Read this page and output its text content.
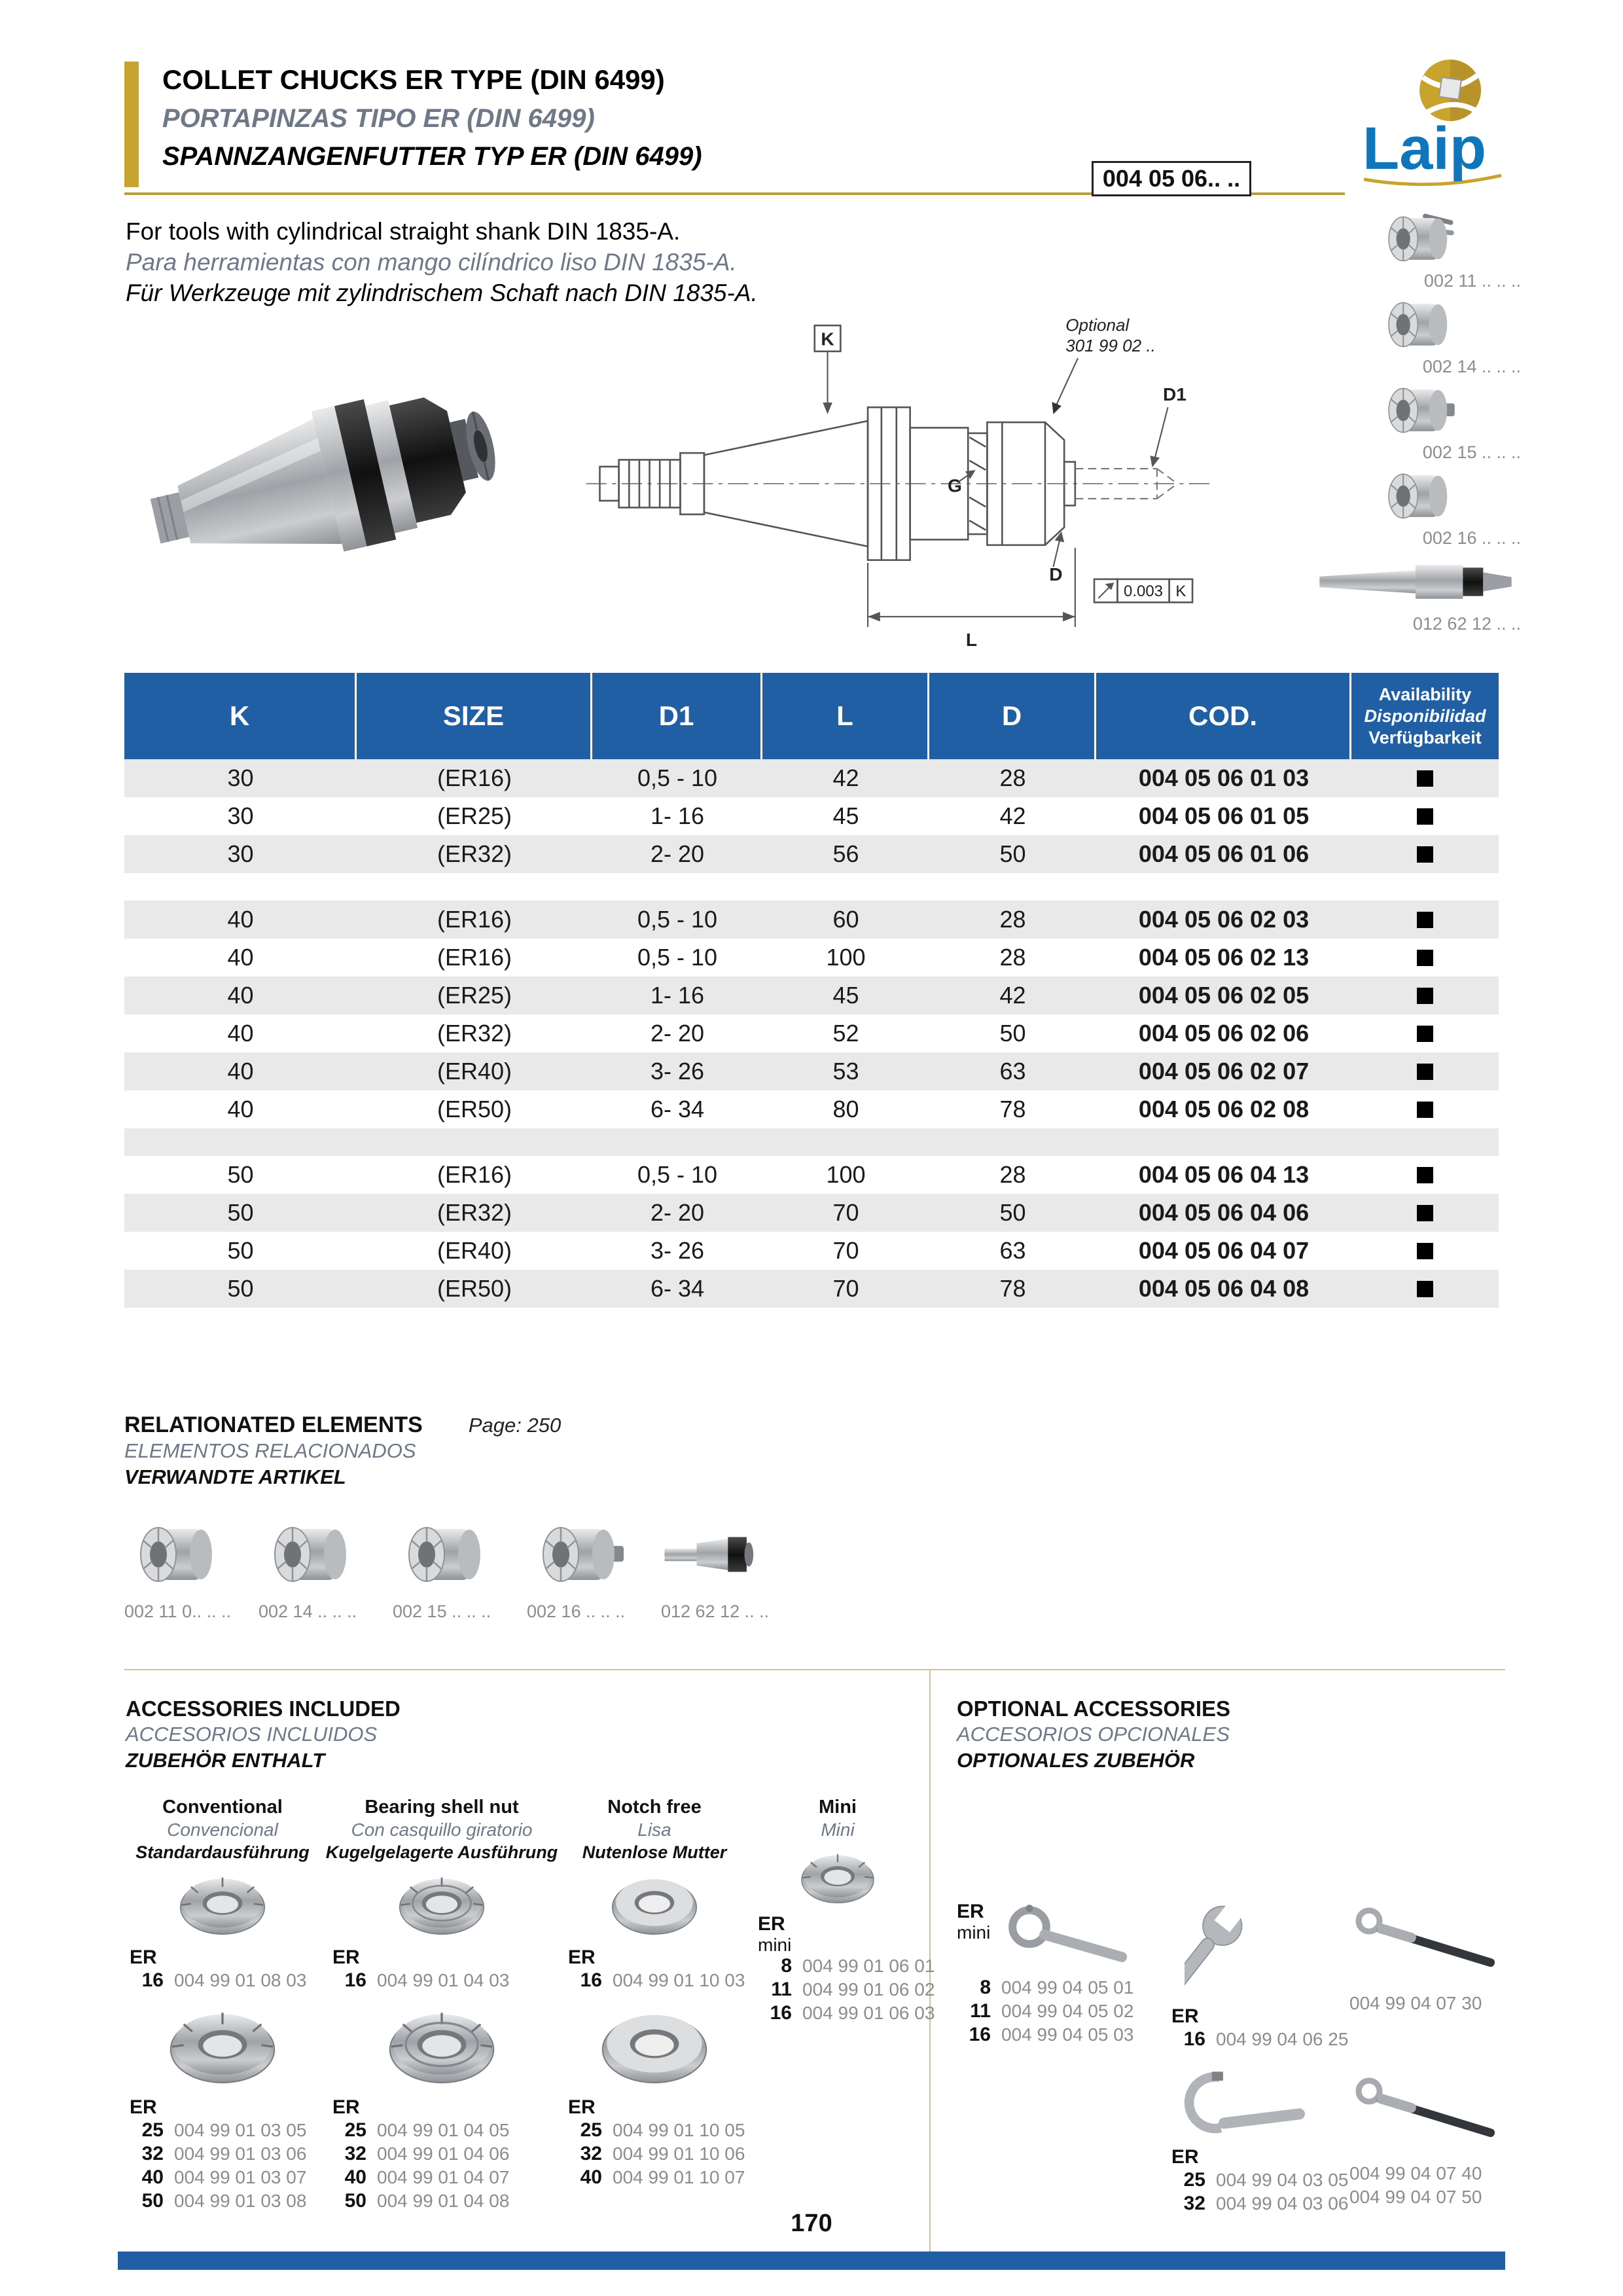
COLLET CHUCKS ER TYPE (DIN 6499)
PORTAPINZAS TIPO ER (DIN 6499)
SPANNZANGENFUTTER TYP ER (DIN 6499)
004 05 06.. .. Laip
For tools with cylindrical straight shank DIN 1835-A.
Para herramientas con mango cilíndrico liso DIN 1835-A.
Für Werkzeuge mit zylindrischem Schaft nach DIN 1835-A.
K
Optional
301 99 02 ..
D1
G
D
0.003 K
L
002 11 .. .. ..
002 14 .. .. ..
002 15 .. .. ..
002 16 .. .. ..
012 62 12 .. ..
K	SIZE	D1	L	D	COD.
Availability
Disponibilidad
Verfügbarkeit
30	(ER16)	0,5 - 10	42	28	004 05 06 01 03
30	(ER25)	1- 16	45	42	004 05 06 01 05
30	(ER32)	2- 20	56	50	004 05 06 01 06
40	(ER16)	0,5 - 10	60	28	004 05 06 02 03
40	(ER16)	0,5 - 10	100	28	004 05 06 02 13
40	(ER25)	1- 16	45	42	004 05 06 02 05
40	(ER32)	2- 20	52	50	004 05 06 02 06
40	(ER40)	3- 26	53	63	004 05 06 02 07
40	(ER50)	6- 34	80	78	004 05 06 02 08
50	(ER16)	0,5 - 10	100	28	004 05 06 04 13
50	(ER32)	2- 20	70	50	004 05 06 04 06
50	(ER40)	3- 26	70	63	004 05 06 04 07
50	(ER50)	6- 34	70	78	004 05 06 04 08
RELATIONATED ELEMENTS Page: 250
ELEMENTOS RELACIONADOS
VERWANDTE ARTIKEL
002 11 0.. .. .. 002 14 .. .. .. 002 15 .. .. .. 002 16 .. .. .. 012 62 12 .. ..
ACCESSORIES INCLUDED
ACCESORIOS INCLUIDOS
ZUBEHÖR ENTHALT
Conventional
Convencional
Standardausführung
ER
16 004 99 01 08 03
ER
25 004 99 01 03 05
32 004 99 01 03 06
40 004 99 01 03 07
50 004 99 01 03 08
Bearing shell nut
Con casquillo giratorio
Kugelgelagerte Ausführung
ER
16 004 99 01 04 03
ER
25 004 99 01 04 05
32 004 99 01 04 06
40 004 99 01 04 07
50 004 99 01 04 08
Notch free
Lisa
Nutenlose Mutter
ER
16 004 99 01 10 03
ER
25 004 99 01 10 05
32 004 99 01 10 06
40 004 99 01 10 07
Mini
Mini
ER
mini
8 004 99 01 06 01
11 004 99 01 06 02
16 004 99 01 06 03
OPTIONAL ACCESSORIES
ACCESORIOS OPCIONALES
OPTIONALES ZUBEHÖR
ER
mini
8 004 99 04 05 01
11 004 99 04 05 02
16 004 99 04 05 03
ER
16 004 99 04 06 25
004 99 04 07 30
ER
25 004 99 04 03 05
32 004 99 04 03 06
004 99 04 07 40
004 99 04 07 50
170
